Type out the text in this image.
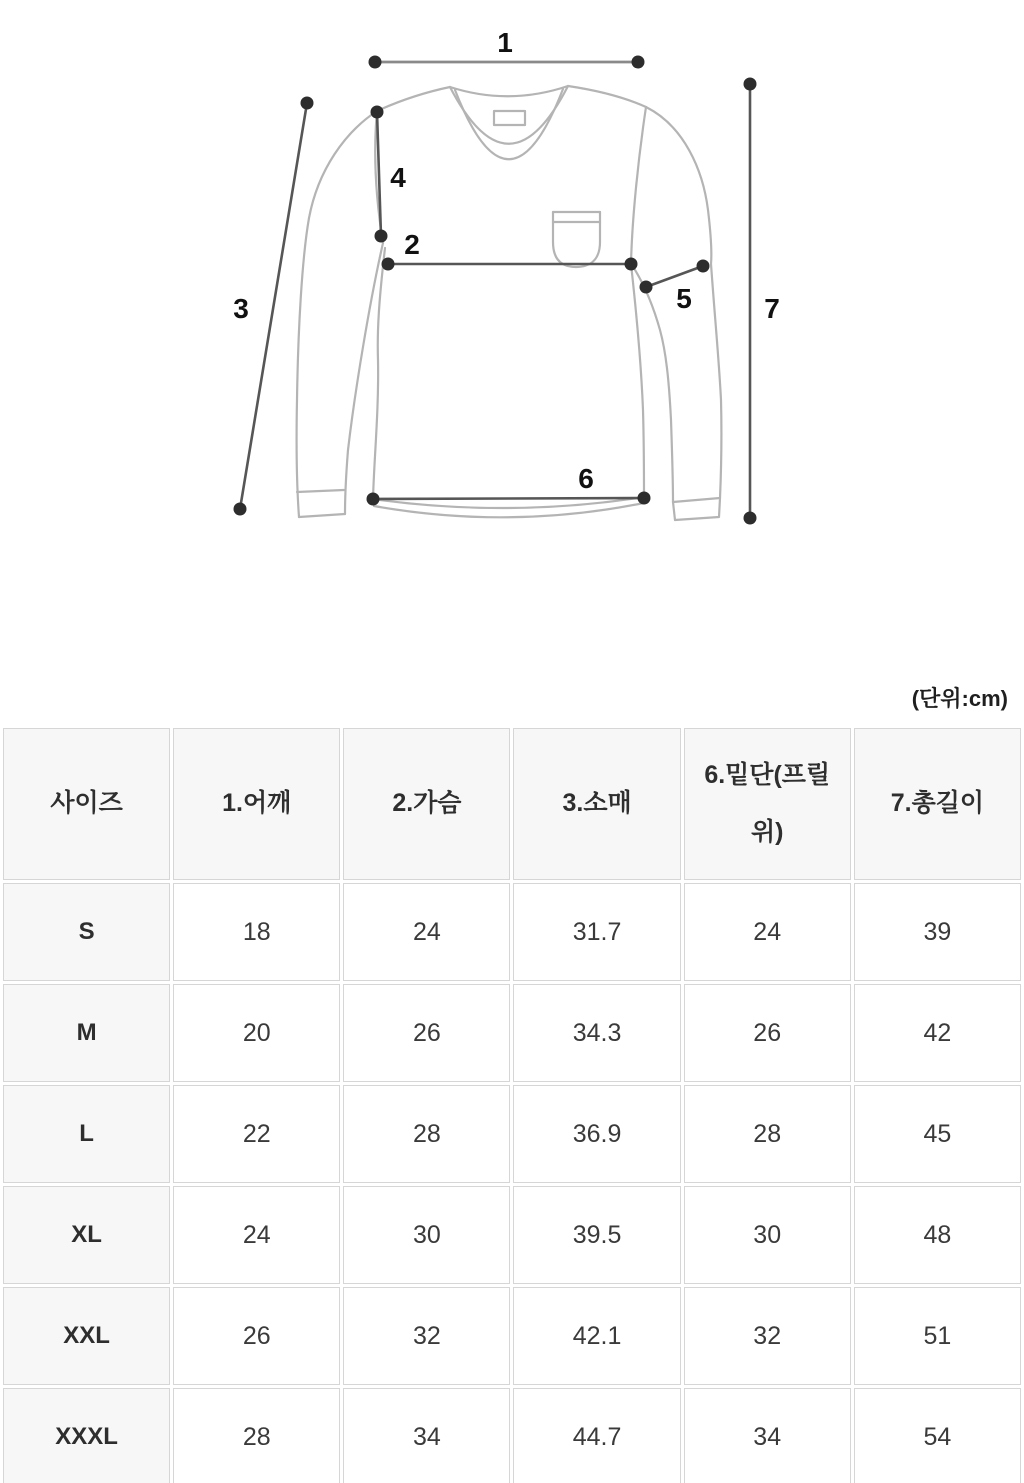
1
2
3
4
5
6
7
(단위:cm)
사이즈	1.어깨	2.가슴	3.소매	6.밑단(프릴 위)	7.총길이
S	18	24	31.7	24	39
M	20	26	34.3	26	42
L	22	28	36.9	28	45
XL	24	30	39.5	30	48
XXL	26	32	42.1	32	51
XXXL	28	34	44.7	34	54
